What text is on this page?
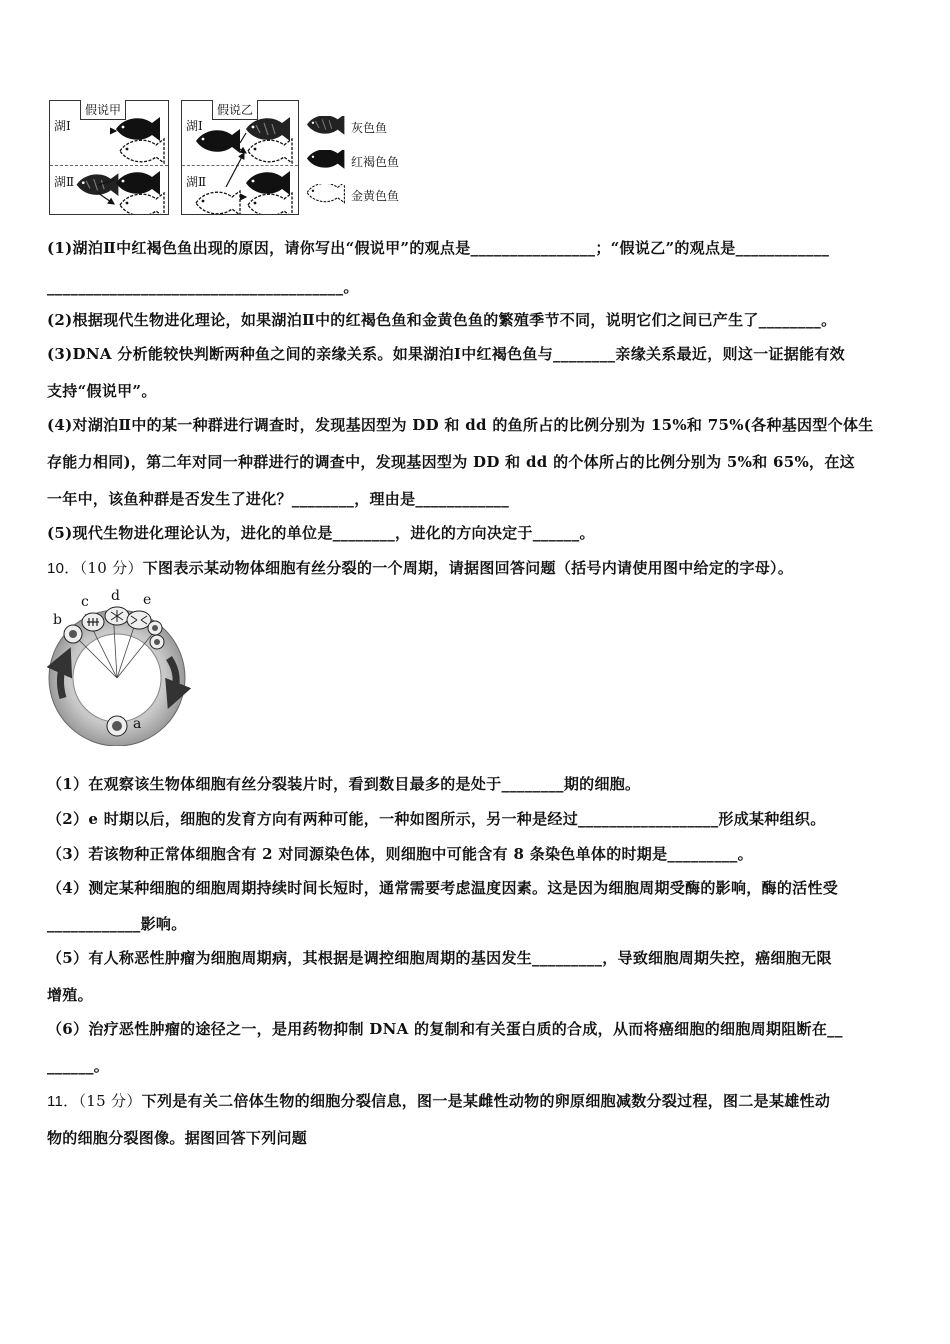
假说甲
湖Ⅰ
湖Ⅱ
假说乙
湖Ⅰ
湖Ⅱ
灰色鱼
红褐色鱼
金黄色鱼
(1)湖泊Ⅱ中红褐色鱼出现的原因，请你写出“假说甲”的观点是________________；“假说乙”的观点是____________
______________________________________。
(2)根据现代生物进化理论，如果湖泊Ⅱ中的红褐色鱼和金黄色鱼的繁殖季节不同，说明它们之间已产生了________。
(3)DNA 分析能较快判断两种鱼之间的亲缘关系。如果湖泊Ⅰ中红褐色鱼与________亲缘关系最近，则这一证据能有效
支持“假说甲”。
(4)对湖泊Ⅱ中的某一种群进行调查时，发现基因型为 DD 和 dd 的鱼所占的比例分别为 15%和 75%(各种基因型个体生
存能力相同)，第二年对同一种群进行的调查中，发现基因型为 DD 和 dd 的个体所占的比例分别为 5%和 65%，在这
一年中，该鱼种群是否发生了进化？________，理由是____________
(5)现代生物进化理论认为，进化的单位是________，进化的方向决定于______。
10．（10 分）下图表示某动物体细胞有丝分裂的一个周期，请据图回答问题（括号内请使用图中给定的字母）。
a
b
c d e
（1）在观察该生物体细胞有丝分裂装片时，看到数目最多的是处于________期的细胞。
（2）e 时期以后，细胞的发育方向有两种可能，一种如图所示，另一种是经过__________________形成某种组织。
（3）若该物种正常体细胞含有 2 对同源染色体，则细胞中可能含有 8 条染色单体的时期是_________。
（4）测定某种细胞的细胞周期持续时间长短时，通常需要考虑温度因素。这是因为细胞周期受酶的影响，酶的活性受
____________影响。
（5）有人称恶性肿瘤为细胞周期病，其根据是调控细胞周期的基因发生_________，导致细胞周期失控，癌细胞无限
增殖。
（6）治疗恶性肿瘤的途径之一，是用药物抑制 DNA 的复制和有关蛋白质的合成，从而将癌细胞的细胞周期阻断在__
______。
11．（15 分）下列是有关二倍体生物的细胞分裂信息，图一是某雌性动物的卵原细胞减数分裂过程，图二是某雄性动
物的细胞分裂图像。据图回答下列问题
